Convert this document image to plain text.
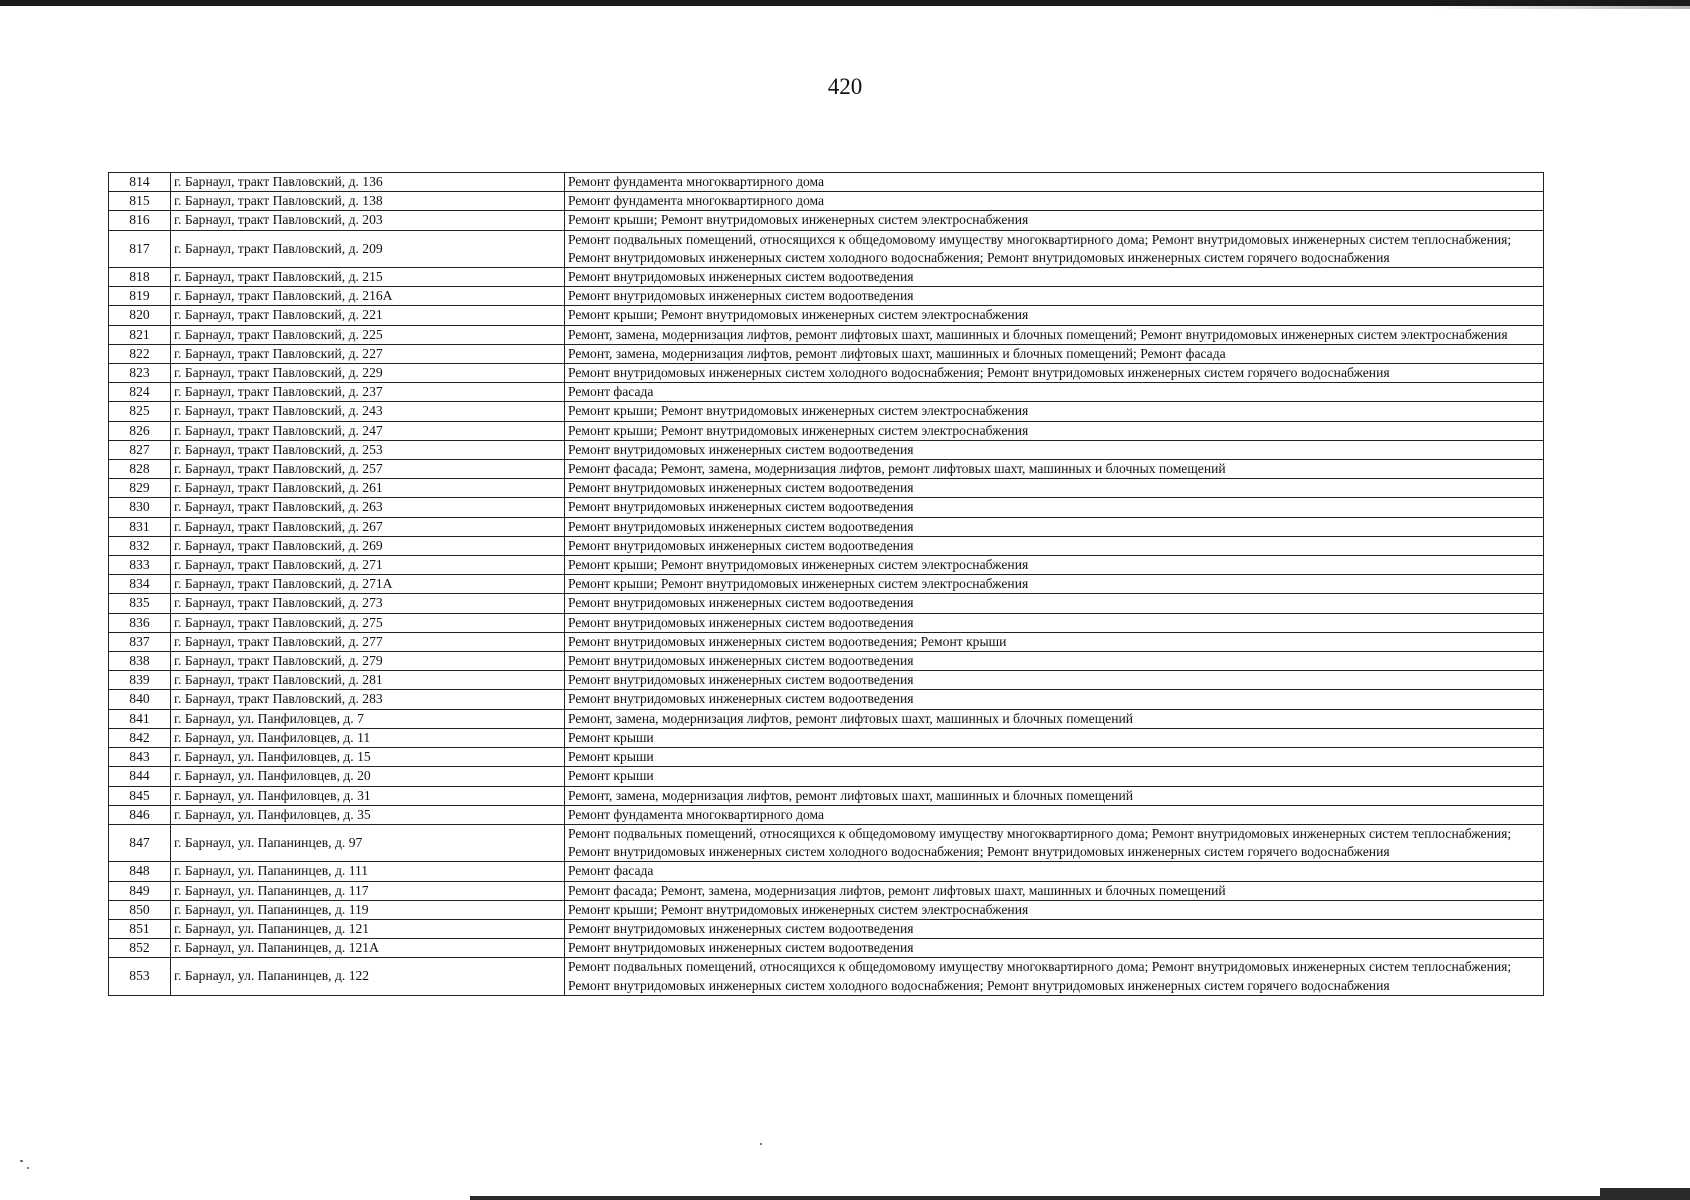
420
814	г. Барнаул, тракт Павловский, д. 136	Ремонт фундамента многоквартирного дома
815	г. Барнаул, тракт Павловский, д. 138	Ремонт фундамента многоквартирного дома
816	г. Барнаул, тракт Павловский, д. 203	Ремонт крыши; Ремонт внутридомовых инженерных систем электроснабжения
817	г. Барнаул, тракт Павловский, д. 209	Ремонт подвальных помещений, относящихся к общедомовому имуществу многоквартирного дома; Ремонт внутридомовых инженерных систем теплоснабжения; Ремонт внутридомовых инженерных систем холодного водоснабжения; Ремонт внутридомовых инженерных систем горячего водоснабжения
818	г. Барнаул, тракт Павловский, д. 215	Ремонт внутридомовых инженерных систем водоотведения
819	г. Барнаул, тракт Павловский, д. 216А	Ремонт внутридомовых инженерных систем водоотведения
820	г. Барнаул, тракт Павловский, д. 221	Ремонт крыши; Ремонт внутридомовых инженерных систем электроснабжения
821	г. Барнаул, тракт Павловский, д. 225	Ремонт, замена, модернизация лифтов, ремонт лифтовых шахт, машинных и блочных помещений; Ремонт внутридомовых инженерных систем электроснабжения
822	г. Барнаул, тракт Павловский, д. 227	Ремонт, замена, модернизация лифтов, ремонт лифтовых шахт, машинных и блочных помещений; Ремонт фасада
823	г. Барнаул, тракт Павловский, д. 229	Ремонт внутридомовых инженерных систем холодного водоснабжения; Ремонт внутридомовых инженерных систем горячего водоснабжения
824	г. Барнаул, тракт Павловский, д. 237	Ремонт фасада
825	г. Барнаул, тракт Павловский, д. 243	Ремонт крыши; Ремонт внутридомовых инженерных систем электроснабжения
826	г. Барнаул, тракт Павловский, д. 247	Ремонт крыши; Ремонт внутридомовых инженерных систем электроснабжения
827	г. Барнаул, тракт Павловский, д. 253	Ремонт внутридомовых инженерных систем водоотведения
828	г. Барнаул, тракт Павловский, д. 257	Ремонт фасада; Ремонт, замена, модернизация лифтов, ремонт лифтовых шахт, машинных и блочных помещений
829	г. Барнаул, тракт Павловский, д. 261	Ремонт внутридомовых инженерных систем водоотведения
830	г. Барнаул, тракт Павловский, д. 263	Ремонт внутридомовых инженерных систем водоотведения
831	г. Барнаул, тракт Павловский, д. 267	Ремонт внутридомовых инженерных систем водоотведения
832	г. Барнаул, тракт Павловский, д. 269	Ремонт внутридомовых инженерных систем водоотведения
833	г. Барнаул, тракт Павловский, д. 271	Ремонт крыши; Ремонт внутридомовых инженерных систем электроснабжения
834	г. Барнаул, тракт Павловский, д. 271А	Ремонт крыши; Ремонт внутридомовых инженерных систем электроснабжения
835	г. Барнаул, тракт Павловский, д. 273	Ремонт внутридомовых инженерных систем водоотведения
836	г. Барнаул, тракт Павловский, д. 275	Ремонт внутридомовых инженерных систем водоотведения
837	г. Барнаул, тракт Павловский, д. 277	Ремонт внутридомовых инженерных систем водоотведения; Ремонт крыши
838	г. Барнаул, тракт Павловский, д. 279	Ремонт внутридомовых инженерных систем водоотведения
839	г. Барнаул, тракт Павловский, д. 281	Ремонт внутридомовых инженерных систем водоотведения
840	г. Барнаул, тракт Павловский, д. 283	Ремонт внутридомовых инженерных систем водоотведения
841	г. Барнаул, ул. Панфиловцев, д. 7	Ремонт, замена, модернизация лифтов, ремонт лифтовых шахт, машинных и блочных помещений
842	г. Барнаул, ул. Панфиловцев, д. 11	Ремонт крыши
843	г. Барнаул, ул. Панфиловцев, д. 15	Ремонт крыши
844	г. Барнаул, ул. Панфиловцев, д. 20	Ремонт крыши
845	г. Барнаул, ул. Панфиловцев, д. 31	Ремонт, замена, модернизация лифтов, ремонт лифтовых шахт, машинных и блочных помещений
846	г. Барнаул, ул. Панфиловцев, д. 35	Ремонт фундамента многоквартирного дома
847	г. Барнаул, ул. Папанинцев, д. 97	Ремонт подвальных помещений, относящихся к общедомовому имуществу многоквартирного дома; Ремонт внутридомовых инженерных систем теплоснабжения; Ремонт внутридомовых инженерных систем холодного водоснабжения; Ремонт внутридомовых инженерных систем горячего водоснабжения
848	г. Барнаул, ул. Папанинцев, д. 111	Ремонт фасада
849	г. Барнаул, ул. Папанинцев, д. 117	Ремонт фасада; Ремонт, замена, модернизация лифтов, ремонт лифтовых шахт, машинных и блочных помещений
850	г. Барнаул, ул. Папанинцев, д. 119	Ремонт крыши; Ремонт внутридомовых инженерных систем электроснабжения
851	г. Барнаул, ул. Папанинцев, д. 121	Ремонт внутридомовых инженерных систем водоотведения
852	г. Барнаул, ул. Папанинцев, д. 121А	Ремонт внутридомовых инженерных систем водоотведения
853	г. Барнаул, ул. Папанинцев, д. 122	Ремонт подвальных помещений, относящихся к общедомовому имуществу многоквартирного дома; Ремонт внутридомовых инженерных систем теплоснабжения; Ремонт внутридомовых инженерных систем холодного водоснабжения; Ремонт внутридомовых инженерных систем горячего водоснабжения
